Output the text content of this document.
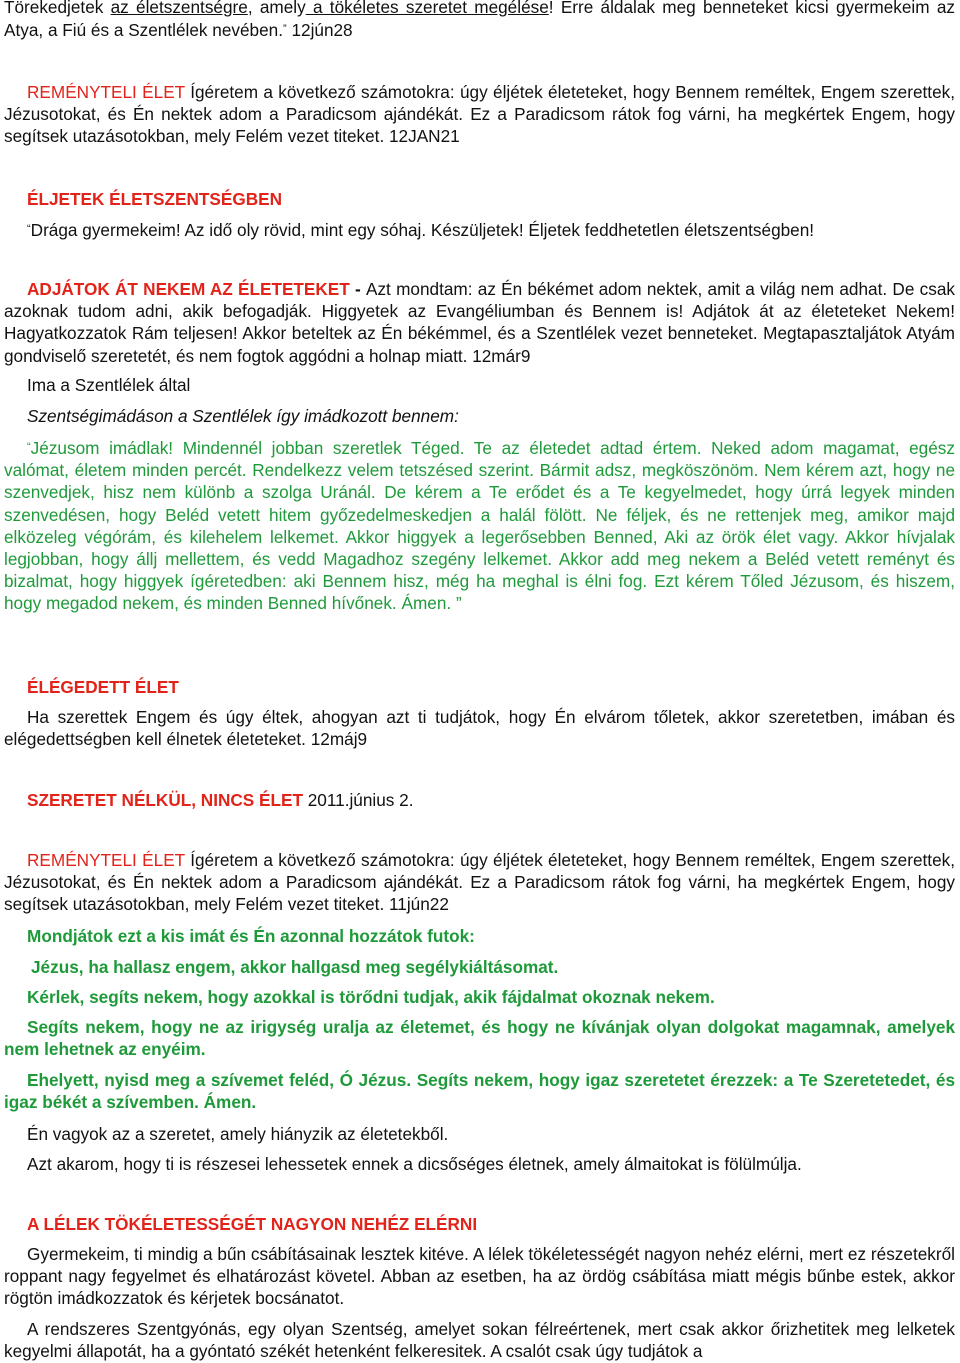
Törekedjetek az életszentségre, amely a tökéletes szeretet megélése! Erre áldalak meg benneteket kicsi gyermekeim az Atya, a Fiú és a Szentlélek nevében.” 12jún28

REMÉNYTELI ÉLET Ígéretem a következő számotokra: úgy éljétek életeteket, hogy Bennem reméltek, Engem szerettek, Jézusotokat, és Én nektek adom a Paradicsom ajándékát. Ez a Paradicsom rátok fog várni, ha megkértek Engem, hogy segítsek utazásotokban, mely Felém vezet titeket. 12JAN21

ÉLJETEK ÉLETSZENTSÉGBEN

“Drága gyermekeim! Az idő oly rövid, mint egy sóhaj. Készüljetek! Éljetek feddhetetlen életszentségben!

ADJÁTOK ÁT NEKEM AZ ÉLETETEKET - Azt mondtam: az Én békémet adom nektek, amit a világ nem adhat. De csak azoknak tudom adni, akik befogadják. Higgyetek az Evangéliumban és Bennem is! Adjátok át az életeteket Nekem! Hagyatkozzatok Rám teljesen! Akkor beteltek az Én békémmel, és a Szentlélek vezet benneteket. Megtapasztaljátok Atyám gondviselő szeretetét, és nem fogtok aggódni a holnap miatt. 12már9

Ima a Szentlélek által

Szentségimádáson a Szentlélek így imádkozott bennem:

“Jézusom imádlak! Mindennél jobban szeretlek Téged. Te az életedet adtad értem. Neked adom magamat, egész valómat, életem minden percét. Rendelkezz velem tetszésed szerint. Bármit adsz, megköszönöm. Nem kérem azt, hogy ne szenvedjek, hisz nem különb a szolga Uránál. De kérem a Te erődet és a Te kegyelmedet, hogy úrrá legyek minden szenvedésen, hogy Beléd vetett hitem győzedelmeskedjen a halál fölött. Ne féljek, és ne rettenjek meg, amikor majd elközeleg végórám, és kilehelem lelkemet. Akkor higgyek a legerősebben Benned, Aki az örök élet vagy. Akkor hívjalak legjobban, hogy állj mellettem, és vedd Magadhoz szegény lelkemet. Akkor add meg nekem a Beléd vetett reményt és bizalmat, hogy higgyek ígéretedben: aki Bennem hisz, még ha meghal is élni fog. Ezt kérem Tőled Jézusom, és hiszem, hogy megadod nekem, és minden Benned hívőnek. Ámen. ”

ÉLÉGEDETT ÉLET

Ha szerettek Engem és úgy éltek, ahogyan azt ti tudjátok, hogy Én elvárom tőletek, akkor szeretetben, imában és elégedettségben kell élnetek életeteket. 12máj9

SZERETET NÉLKÜL, NINCS ÉLET 2011.június 2.

REMÉNYTELI ÉLET Ígéretem a következő számotokra: úgy éljétek életeteket, hogy Bennem reméltek, Engem szerettek, Jézusotokat, és Én nektek adom a Paradicsom ajándékát. Ez a Paradicsom rátok fog várni, ha megkértek Engem, hogy segítsek utazásotokban, mely Felém vezet titeket. 11jún22

Mondjátok ezt a kis imát és Én azonnal hozzátok futok:

Jézus, ha hallasz engem, akkor hallgasd meg segélykiáltásomat.

Kérlek, segíts nekem, hogy azokkal is törődni tudjak, akik fájdalmat okoznak nekem.

Segíts nekem, hogy ne az irigység uralja az életemet, és hogy ne kívánjak olyan dolgokat magamnak, amelyek nem lehetnek az enyéim.

Ehelyett, nyisd meg a szívemet feléd, Ó Jézus. Segíts nekem, hogy igaz szeretetet érezzek: a Te Szeretetedet, és igaz békét a szívemben. Ámen.

Én vagyok az a szeretet, amely hiányzik az életetekből.

Azt akarom, hogy ti is részesei lehessetek ennek a dicsőséges életnek, amely álmaitokat is fölülmúlja.

A LÉLEK TÖKÉLETESSÉGÉT NAGYON NEHÉZ ELÉRNI

Gyermekeim, ti mindig a bűn csábításainak lesztek kitéve. A lélek tökéletességét nagyon nehéz elérni, mert ez részetekről roppant nagy fegyelmet és elhatározást követel. Abban az esetben, ha az ördög csábítása miatt mégis bűnbe estek, akkor rögtön imádkozzatok és kérjetek bocsánatot.

A rendszeres Szentgyónás, egy olyan Szentség, amelyet sokan félreértenek, mert csak akkor őrizhetitek meg lelketek kegyelmi állapotát, ha a gyóntató székét hetenként felkeresitek. A csalót csak úgy tudjátok a
